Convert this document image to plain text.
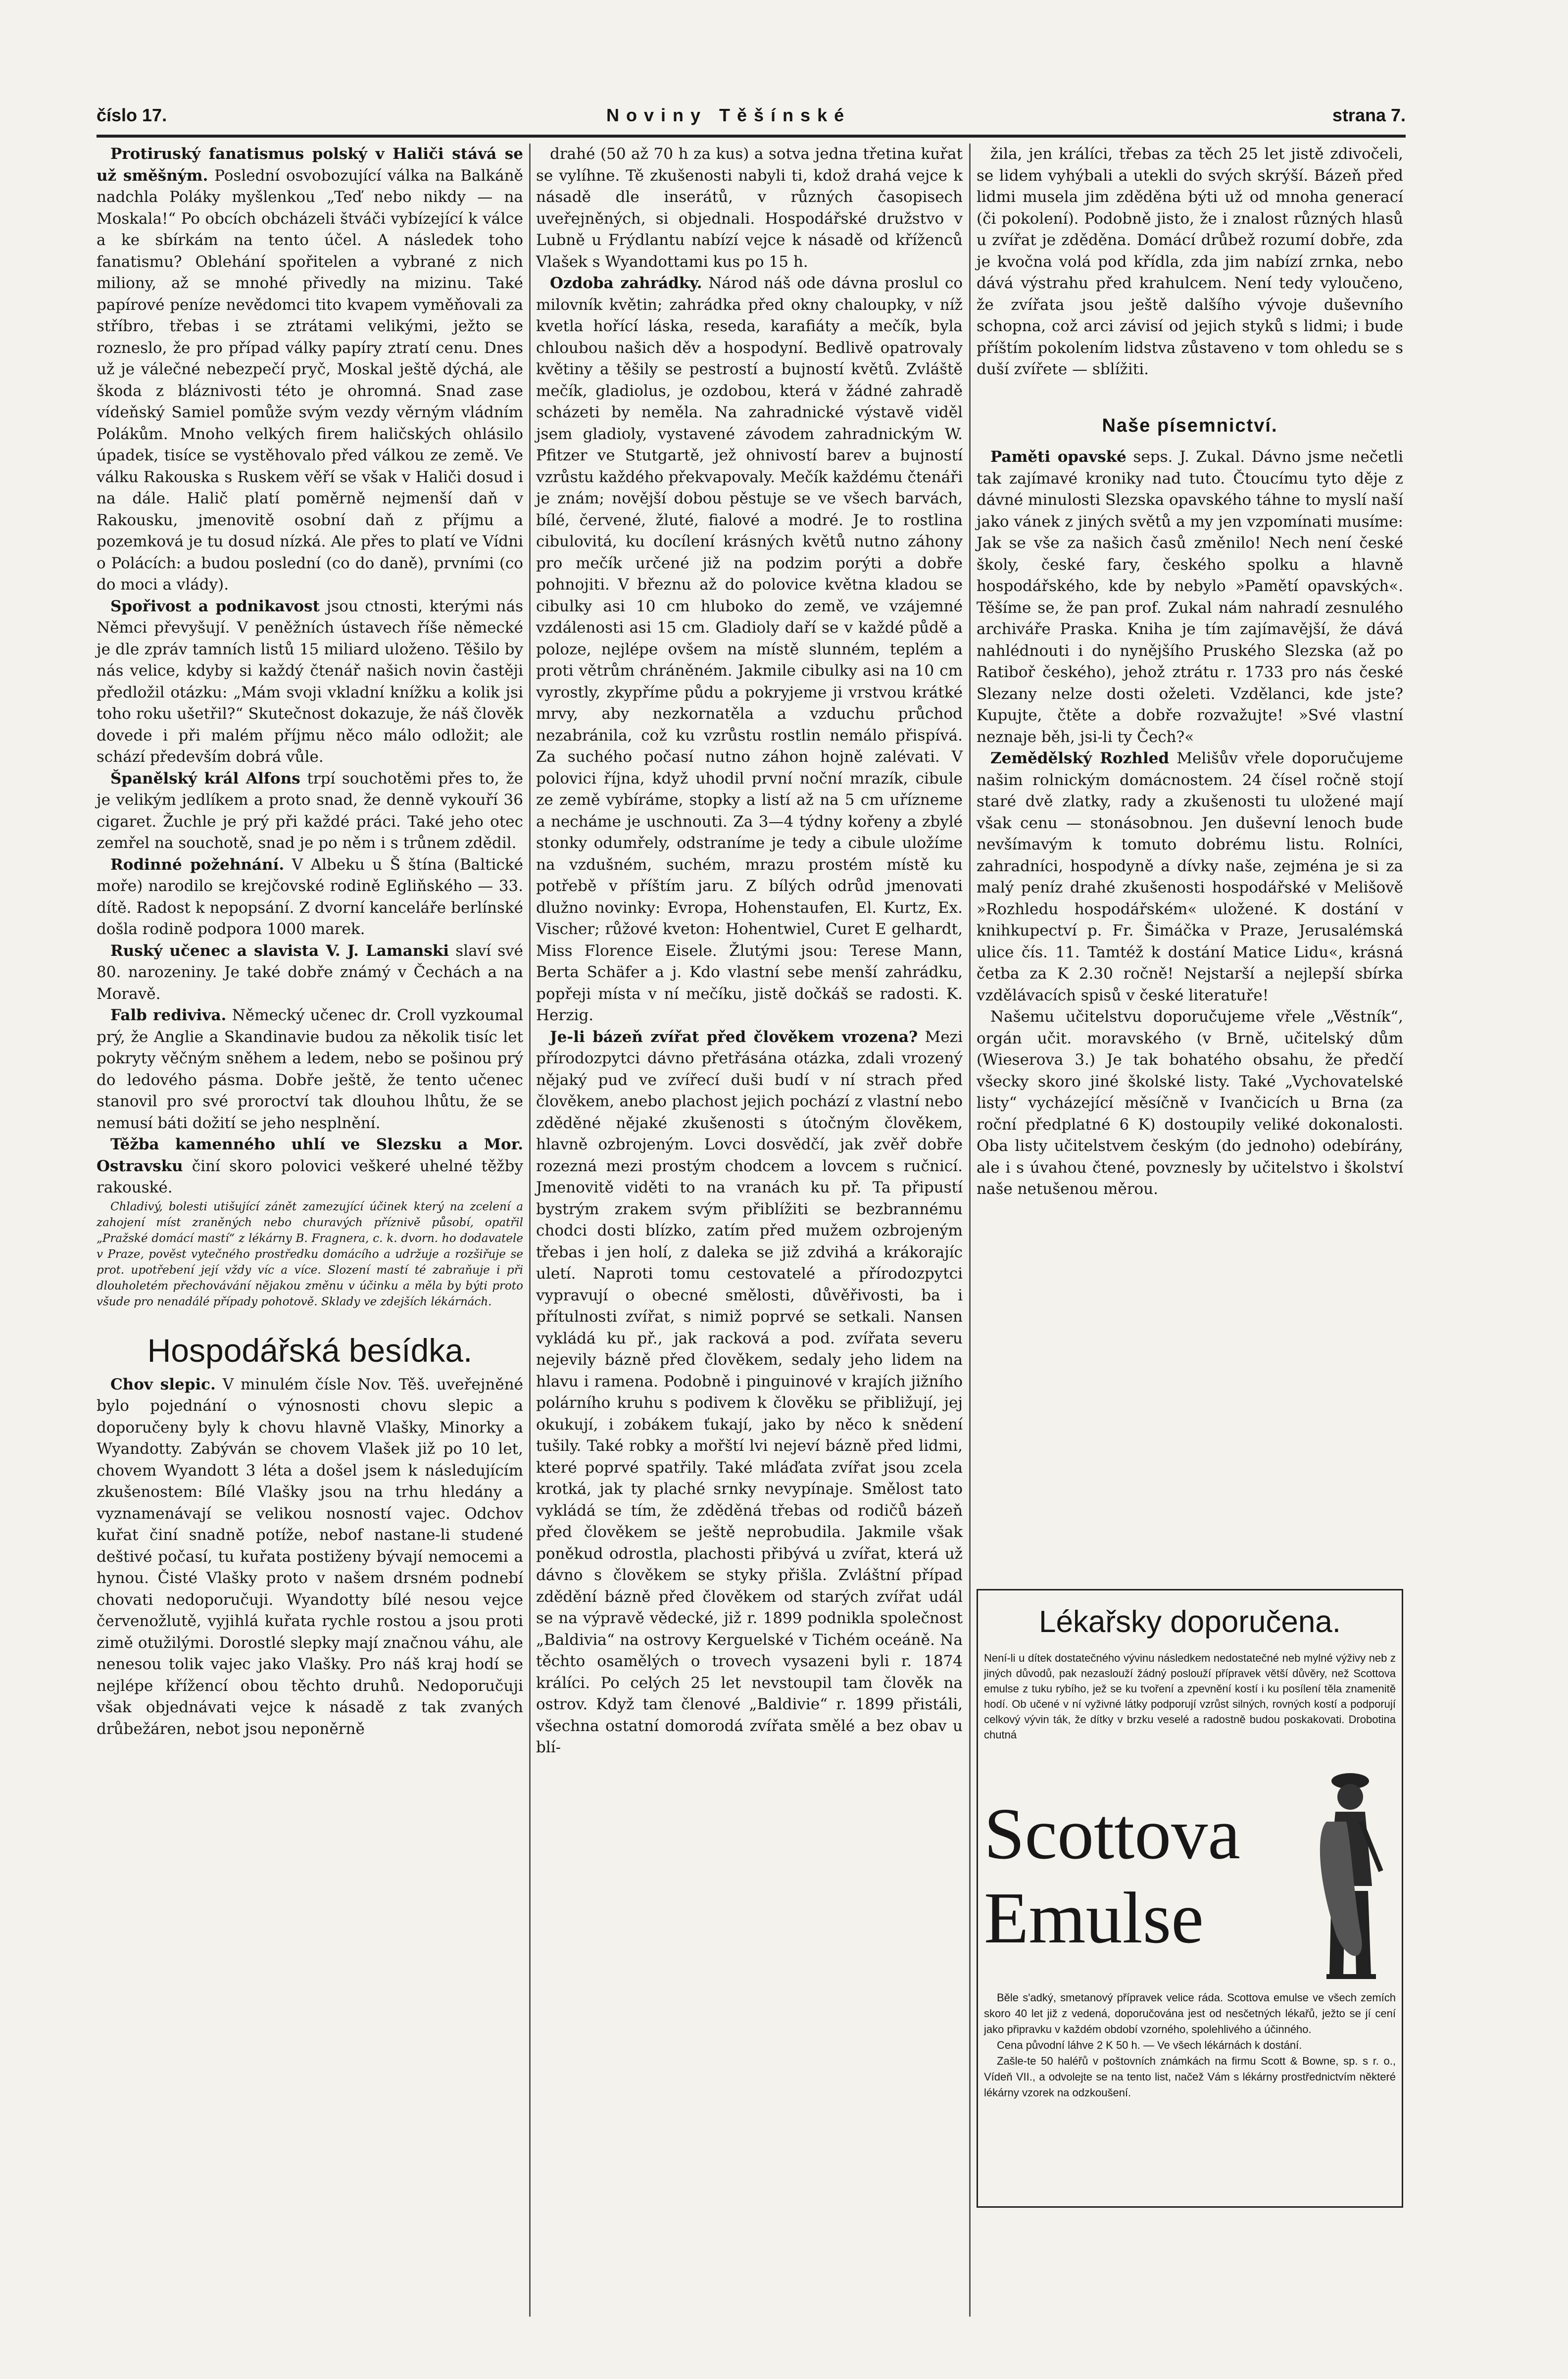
číslo 17.	Noviny Těšínské	strana 7.

Protiruský fanatismus polský v Haliči stává se už směšným. Poslední osvobozující válka na Balkáně nadchla Poláky myšlenkou „Teď nebo nikdy — na Moskala!“ Po obcích obcházeli štváči vybízející k válce a ke sbírkám na tento účel. A následek toho fanatismu? Oblehání spořitelen a vybrané z nich miliony, až se mnohé přivedly na mizinu. Také papírové peníze nevědomci tito kvapem vyměňovali za stříbro, třebas i se ztrátami velikými, ježto se rozneslo, že pro případ války papíry ztratí cenu. Dnes už je válečné nebezpečí pryč, Moskal ještě dýchá, ale škoda z bláznivosti této je ohromná. Snad zase vídeňský Samiel pomůže svým vezdy věrným vládním Polákům. Mnoho velkých firem haličských ohlásilo úpadek, tisíce se vystěhovalo před válkou ze země. Ve válku Rakouska s Ruskem věří se však v Haliči dosud i na dále. Halič platí poměrně nejmenší daň v Rakousku, jmenovitě osobní daň z příjmu a pozemková je tu dosud nízká. Ale přes to platí ve Vídni o Polácích: a budou poslední (co do daně), prvními (co do moci a vlády).

Spořivost a podnikavost jsou ctnosti, kterými nás Němci převyšují. V peněžních ústavech říše německé je dle zpráv tamních listů 15 miliard uloženo. Těšilo by nás velice, kdyby si každý čtenář našich novin častěji předložil otázku: „Mám svoji vkladní knížku a kolik jsi toho roku ušetřil?“ Skutečnost dokazuje, že náš člověk dovede i při malém příjmu něco málo odložit; ale schází především dobrá vůle.

Španělský král Alfons trpí souchotěmi přes to, že je velikým jedlíkem a proto snad, že denně vykouří 36 cigaret. Žuchle je prý při každé práci. Také jeho otec zemřel na souchotě, snad je po něm i s trůnem zdědil.

Rodinné požehnání. V Albeku u Š štína (Baltické moře) narodilo se krejčovské rodině Egliňského — 33. dítě. Radost k nepopsání. Z dvorní kanceláře berlínské došla rodině podpora 1000 marek.

Ruský učenec a slavista V. J. Lamanski slaví své 80. narozeniny. Je také dobře známý v Čechách a na Moravě.

Falb rediviva. Německý učenec dr. Croll vyzkoumal prý, že Anglie a Skandinavie budou za několik tisíc let pokryty věčným sněhem a ledem, nebo se pošinou prý do ledového pásma. Dobře ještě, že tento učenec stanovil pro své proroctví tak dlouhou lhůtu, že se nemusí báti dožití se jeho nesplnění.

Těžba kamenného uhlí ve Slezsku a Mor. Ostravsku činí skoro polovici veškeré uhelné těžby rakouské.

Chladivý, bolesti utišující zánět zamezující účinek který na zcelení a zahojení míst zraněných nebo churavých příznivě působí, opatřil „Pražské domácí mastí“ z lékárny B. Fragnera, c. k. dvorn. ho dodavatele v Praze, pověst vytečného prostředku domácího a udržuje a rozšiřuje se prot. upotřebení její vždy víc a více. Slození mastí té zabraňuje i při dlouholetém přechovávání nějakou změnu v účinku a měla by býti proto všude pro nenadálé případy pohotově. Sklady ve zdejších lékárnách.

Hospodářská besídka.

Chov slepic. V minulém čísle Nov. Těš. uveřejněné bylo pojednání o výnosnosti chovu slepic a doporučeny byly k chovu hlavně Vlašky, Minorky a Wyandotty. Zabýván se chovem Vlašek již po 10 let, chovem Wyandott 3 léta a došel jsem k následujícím zkušenostem: Bílé Vlašky jsou na trhu hledány a vyznamenávají se velikou nosností vajec. Odchov kuřat činí snadně potíže, nebof nastane-li studené deštivé počasí, tu kuřata postiženy bývají nemocemi a hynou. Čisté Vlašky proto v našem drsném podnebí chovati nedoporučuji. Wyandotty bílé nesou vejce červenožlutě, vyjihlá kuřata rychle rostou a jsou proti zimě otužilými. Dorostlé slepky mají značnou váhu, ale nenesou tolik vajec jako Vlašky. Pro náš kraj hodí se nejlépe křížencí obou těchto druhů. Nedoporučuji však objednávati vejce k násadě z tak zvaných drůbežáren, nebot jsou neponěrně

drahé (50 až 70 h za kus) a sotva jedna třetina kuřat se vylíhne. Tě zkušenosti nabyli ti, kdož drahá vejce k násadě dle inserátů, v různých časopisech uveřejněných, si objednali. Hospodářské družstvo v Lubně u Frýdlantu nabízí vejce k násadě od kříženců Vlašek s Wyandottami kus po 15 h.

Ozdoba zahrádky. Národ náš ode dávna proslul co milovník květin; zahrádka před okny chaloupky, v níž kvetla hořící láska, reseda, karafiáty a mečík, byla chloubou našich děv a hospodyní. Bedlivě opatrovaly květiny a těšily se pestrostí a bujností květů. Zvláště mečík, gladiolus, je ozdobou, která v žádné zahradě scházeti by neměla. Na zahradnické výstavě viděl jsem gladioly, vystavené závodem zahradnickým W. Pfitzer ve Stutgartě, jež ohnivostí barev a bujností vzrůstu každého překvapovaly. Mečík každému čtenáři je znám; novější dobou pěstuje se ve všech barvách, bílé, červené, žluté, fialové a modré. Je to rostlina cibulovitá, ku docílení krásných květů nutno záhony pro mečík určené již na podzim porýti a dobře pohnojiti. V březnu až do polovice května kladou se cibulky asi 10 cm hluboko do země, ve vzájemné vzdálenosti asi 15 cm. Gladioly daří se v každé půdě a poloze, nejlépe ovšem na místě slunném, teplém a proti větrům chráněném. Jakmile cibulky asi na 10 cm vyrostly, zkypříme půdu a pokryjeme ji vrstvou krátké mrvy, aby nezkornatěla a vzduchu průchod nezabránila, což ku vzrůstu rostlin nemálo přispívá. Za suchého počasí nutno záhon hojně zalévati. V polovici října, když uhodil první noční mrazík, cibule ze země vybíráme, stopky a listí až na 5 cm uřízneme a necháme je uschnouti. Za 3—4 týdny kořeny a zbylé stonky odumřely, odstraníme je tedy a cibule uložíme na vzdušném, suchém, mrazu prostém místě ku potřebě v příštím jaru. Z bílých odrůd jmenovati dlužno novinky: Evropa, Hohenstaufen, El. Kurtz, Ex. Vischer; růžové kveton: Hohentwiel, Curet E gelhardt, Miss Florence Eisele. Žlutými jsou: Terese Mann, Berta Schäfer a j. Kdo vlastní sebe menší zahrádku, popřeji místa v ní mečíku, jistě dočkáš se radosti. K. Herzig.

Je-li bázeň zvířat před člověkem vrozena? Mezi přírodozpytci dávno přetřásána otázka, zdali vrozený nějaký pud ve zvířecí duši budí v ní strach před člověkem, anebo plachost jejich pochází z vlastní nebo zděděné nějaké zkušenosti s útočným člověkem, hlavně ozbrojeným. Lovci dosvědčí, jak zvěř dobře rozezná mezi prostým chodcem a lovcem s ručnicí. Jmenovitě viděti to na vranách ku př. Ta připustí bystrým zrakem svým přiblížiti se bezbrannému chodci dosti blízko, zatím před mužem ozbrojeným třebas i jen holí, z daleka se již zdvihá a krákorajíc uletí. Naproti tomu cestovatelé a přírodozpytci vypravují o obecné smělosti, důvěřivosti, ba i přítulnosti zvířat, s nimiž poprvé se setkali. Nansen vykládá ku př., jak racková a pod. zvířata severu nejevily bázně před člověkem, sedaly jeho lidem na hlavu i ramena. Podobně i pinguinové v krajích jižního polárního kruhu s podivem k člověku se přibližují, jej okukují, i zobákem ťukají, jako by něco k snědení tušily. Také robky a mořští lvi nejeví bázně před lidmi, které poprvé spatřily. Také mláďata zvířat jsou zcela krotká, jak ty plaché srnky nevypínaje. Smělost tato vykládá se tím, že zděděná třebas od rodičů bázeň před člověkem se ještě neprobudila. Jakmile však poněkud odrostla, plachosti přibývá u zvířat, která už dávno s člověkem se styky přišla. Zvláštní případ zdědění bázně před člověkem od starých zvířat udál se na výpravě vědecké, již r. 1899 podnikla společnost „Baldivia“ na ostrovy Kerguelské v Tichém oceáně. Na těchto osamělých o trovech vysazeni byli r. 1874 králíci. Po celých 25 let nevstoupil tam člověk na ostrov. Když tam členové „Baldivie“ r. 1899 přistáli, všechna ostatní domorodá zvířata smělé a bez obav u blí-

žila, jen králíci, třebas za těch 25 let jistě zdivočeli, se lidem vyhýbali a utekli do svých skrýší. Bázeň před lidmi musela jim zděděna býti už od mnoha generací (či pokolení). Podobně jisto, že i znalost různých hlasů u zvířat je zděděna. Domácí drůbež rozumí dobře, zda je kvočna volá pod křídla, zda jim nabízí zrnka, nebo dává výstrahu před krahulcem. Není tedy vyloučeno, že zvířata jsou ještě dalšího vývoje duševního schopna, což arci závisí od jejich styků s lidmi; i bude příštím pokolením lidstva zůstaveno v tom ohledu se s duší zvířete — sblížiti.

Naše písemnictví.

Paměti opavské seps. J. Zukal. Dávno jsme nečetli tak zajímavé kroniky nad tuto. Čtoucímu tyto děje z dávné minulosti Slezska opavského táhne to myslí naší jako vánek z jiných světů a my jen vzpomínati musíme: Jak se vše za našich časů změnilo! Nech není české školy, české fary, českého spolku a hlavně hospodářského, kde by nebylo »Pamětí opavských«. Těšíme se, že pan prof. Zukal nám nahradí zesnulého archiváře Praska. Kniha je tím zajímavější, že dává nahlédnouti i do nynějšího Pruského Slezska (až po Ratiboř českého), jehož ztrátu r. 1733 pro nás české Slezany nelze dosti oželeti. Vzdělanci, kde jste? Kupujte, čtěte a dobře rozvažujte! »Své vlastní neznaje běh, jsi-li ty Čech?«

Zemědělský Rozhled Melišův vřele doporučujeme našim rolnickým domácnostem. 24 čísel ročně stojí staré dvě zlatky, rady a zkušenosti tu uložené mají však cenu — stonásobnou. Jen duševní lenoch bude nevšímavým k tomuto dobrému listu. Rolníci, zahradníci, hospodyně a dívky naše, zejména je si za malý peníz drahé zkušenosti hospodářské v Melišově »Rozhledu hospodářském« uložené. K dostání v knihkupectví p. Fr. Šimáčka v Praze, Jerusalémská ulice čís. 11. Tamtéž k dostání Matice Lidu«, krásná četba za K 2.30 ročně! Nejstarší a nejlepší sbírka vzdělávacích spisů v české literatuře!

Našemu učitelstvu doporučujeme vřele „Věstník“, orgán učit. moravského (v Brně, učitelský dům (Wieserova 3.) Je tak bohatého obsahu, že předčí všecky skoro jiné školské listy. Také „Vychovatelské listy“ vycházející měsíčně v Ivančicích u Brna (za roční předplatné 6 K) dostoupily veliké dokonalosti. Oba listy učitelstvem českým (do jednoho) odebírány, ale i s úvahou čtené, povznesly by učitelstvo i školství naše netušenou měrou.

Lékařsky doporučena.
Není-li u dítek dostatečného vývinu následkem nedostatečné neb mylné výživy neb z jiných důvodů, pak nezaslouží žádný poslouží přípravek větší důvěry, než Scottova emulse z tuku rybího, jež se ku tvoření a zpevnění kostí i ku posílení těla znamenitě hodí. Ob učené v ní vyživné látky podporují vzrůst silných, rovných kostí a podporují celkový vývin ták, že dítky v brzku veselé a radostně budou poskakovati. Drobotina chutná
Scottova
Emulse

Běle s'adký, smetanový přípravek velice ráda. Scottova emulse ve všech zemích skoro 40 let již z vedená, doporučována jest od nesčetných lékařů, ježto se jí cení jako připravku v každém období vzorného, spolehlivého a účinného.

Cena původní láhve 2 K 50 h. — Ve všech lékárnách k dostání.

Zašle-te 50 haléřů v poštovních známkách na firmu Scott & Bowne, sp. s r. o., Vídeň VII., a odvolejte se na tento list, načež Vám s lékárny prostřednictvím některé lékárny vzorek na odzkoušení.
